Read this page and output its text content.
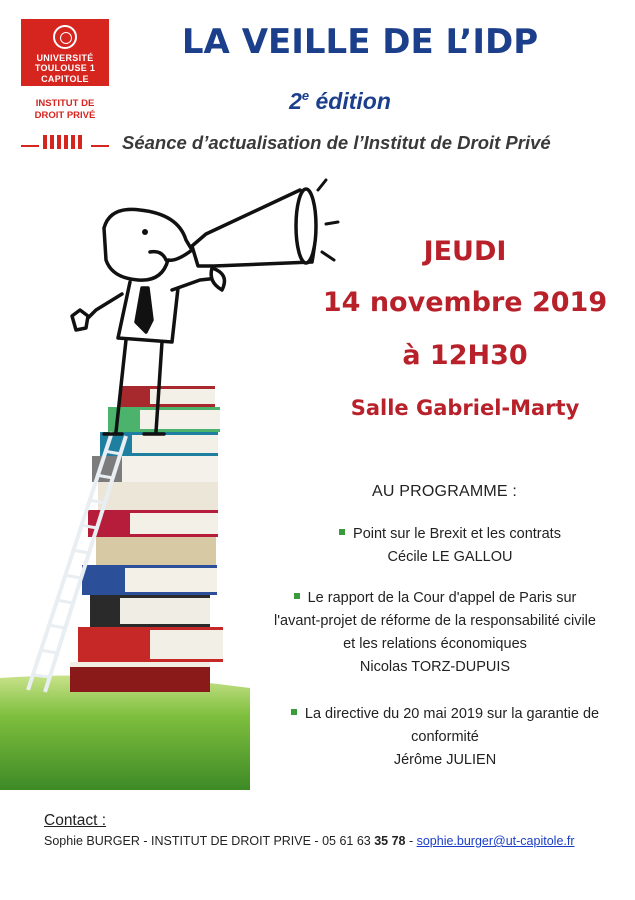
UNIVERSITÉ
TOULOUSE 1
CAPITOLE
INSTITUT DE
DROIT PRIVÉ
LA VEILLE DE L’IDP
2e édition
Séance d’actualisation de l’Institut de Droit Privé
JEUDI
14 novembre 2019
à 12H30
Salle Gabriel-Marty
AU PROGRAMME :
Point sur le Brexit et les contrats
Cécile LE GALLOU
Le rapport de la Cour d'appel de Paris sur
l'avant-projet de réforme de la responsabilité civile
et les relations économiques
Nicolas TORZ-DUPUIS
La directive du 20 mai 2019 sur la garantie de
conformité
Jérôme JULIEN
Contact :
Sophie BURGER - INSTITUT DE DROIT PRIVE - 05 61 63 35 78 - sophie.burger@ut-capitole.fr
